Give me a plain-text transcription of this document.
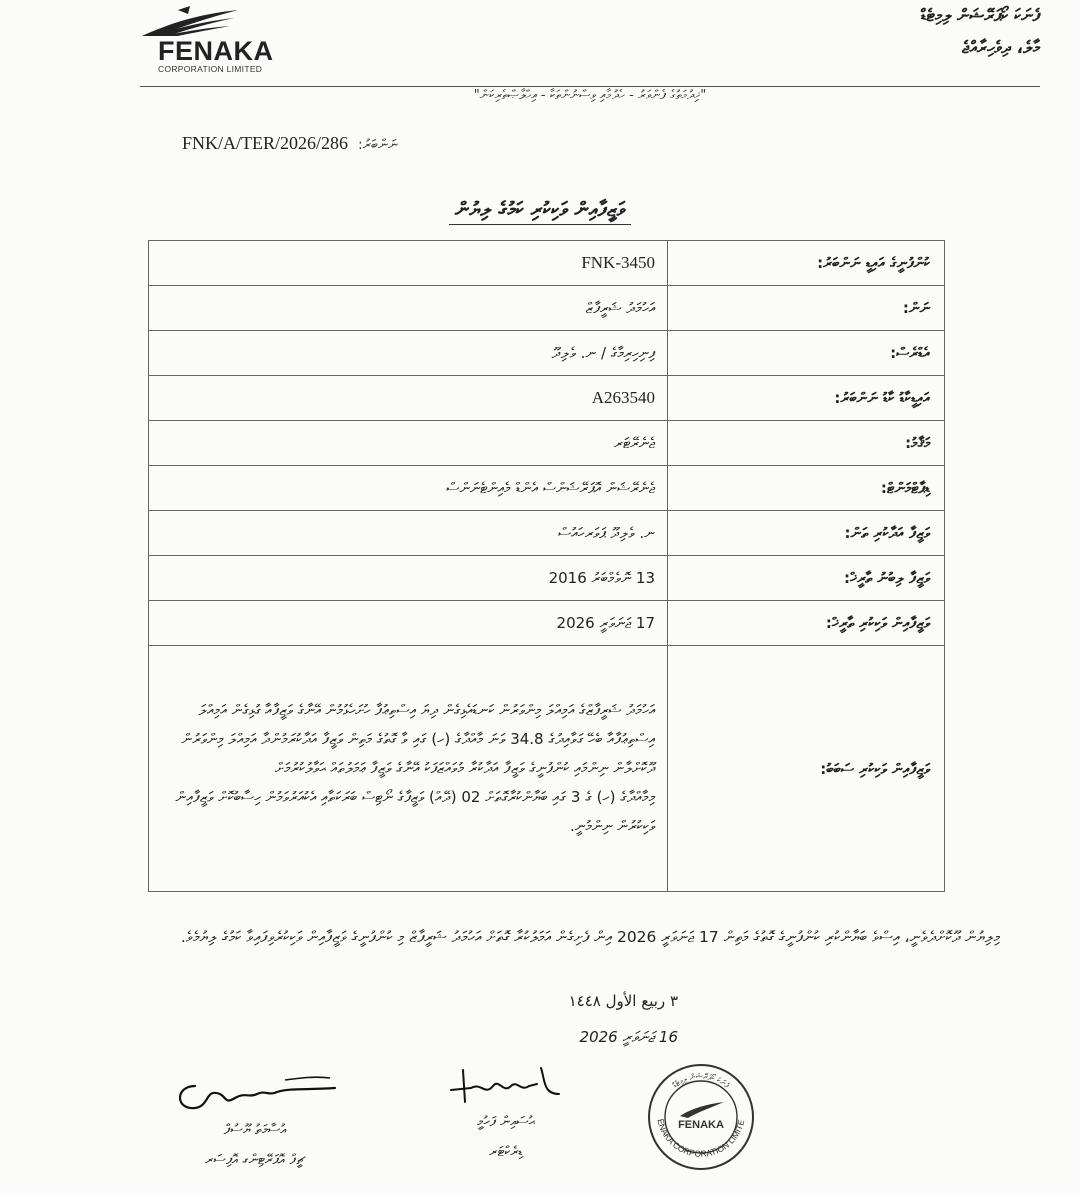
FENAKA
CORPORATION LIMITED
ފެނަކަ ކޯޕަރޭޝަން ލިމިޓެޑް
މާލެ، ދިވެހިރާއްޖެ
"ޚިދުމަތުގެ ފެންވަރު - ހެދުމާއި ވިސްނުންތަކާ - އިހްލާޞްތެރިކަން"
FNK/A/TER/2026/286 ނަންބަރު:
ވަޒީފާއިން ވަކިކުރި ކަމުގެ ލިޔުން
ކުންފުނީގެ އައިޑީ ނަންބަރު:	FNK-3450
ނަން:	އަހުމަދު ޝަރީފާޒް
އެޑްރެސް:	ފިނިހިރިމާގެ / ނ. ވެލިދޫ
އައިޑީކާޑު ކާޑު ނަންބަރު:	A263540
މަޤާމު:	ޖެނެރޭޓަރ
ޑިޕާޓްމަންޓް:	ޖެނެރޭޝަން އޮޕަރޭޝަންސް އެންޑް މެއިންޓެނަންސް
ވަޒީފާ އަދާކުރި ތަން:	ނ. ވެލިދޫ ޕަވަރހައުސް
ވަޒީފާ ލިބުނު ތާރީޚް:	13 ނޮވެމްބަރު 2016
ވަޒީފާއިން ވަކިކުރި ތާރީޚް:	17 ޖަނަވަރީ 2026
ވަޒީފާއިން ވަކިކުރި ސަބަބު:	އަހުމަދު ޝަރީފާޒްގެ އަމިއްލަ މިންވަރުން ކަނޑައެޅިގެން ދިޔަ އިސްތިޢުފާ ހުށަހެޅުމުން އޭނާގެ ވަޒީފާއާ ގުޅިގެން އަމިއްލަ އިސްތިޢުފާއާ ބެހޭ ގަވާއިދުގެ 34.8 ވަނަ މާއްދާގެ (ހ) ގައި ވާ ގޮތުގެ މަތިން ވަޒީފާ އަދާކުރަމުންދާ އަމިއްލަ މިންވަރުން ދޫކޮށްލާން ނިންމައި ކުންފުނީގެ ވަޒީފާ އަދާކުރާ މުވައްޒަފަކު އޭނާގެ ވަޒީފާ ޢަމަލުތައް ޙަވާލުކުރުމަށް
މިމާއްދާގެ (ހ) ގެ 3 ގައި ބަޔާންކުރާގޮތަށް 02 (ދޭއް) ވަޒީފާގެ ނޯޓިސް ބަރަކަތާއި އެކުއަރުވަމުން ހިސާބުކޮށް ވަޒީފާއިން ވަކިކުރުން ނިންމުނީ.
މިލިޔުން ދޫކޮށްދެވެނީ، އިސްވެ ބަޔާންކުރި ކުންފުނީގެ ގޮތުގެ މަތިން 17 ޖަނަވަރީ 2026 އިން ފެށިގެން އަމަލުކުރާ ގޮތަށް އަހުމަދު ޝަރީފާޒް މި ކުންފުނީގެ ވަޒީފާއިން ވަކިކުރެވިފައިވާ ކަމުގެ ލިޔުމެވެ.
٣ ربيع الأول ١٤٤٨
16 ޖަނަވަރީ 2026
އުސާމަތު ޔޫސުފް
ޗީފް އޮޕަރޭޓިންގ އޮފިސަރ
ޙުސައިން ފަހުމީ
ޑިރެކްޓަރ
FENAKA
ENAKA CORPORATION LIMITE
ފެނަކަ ކޯޕަރޭޝަން ލިމިޓެޑް
